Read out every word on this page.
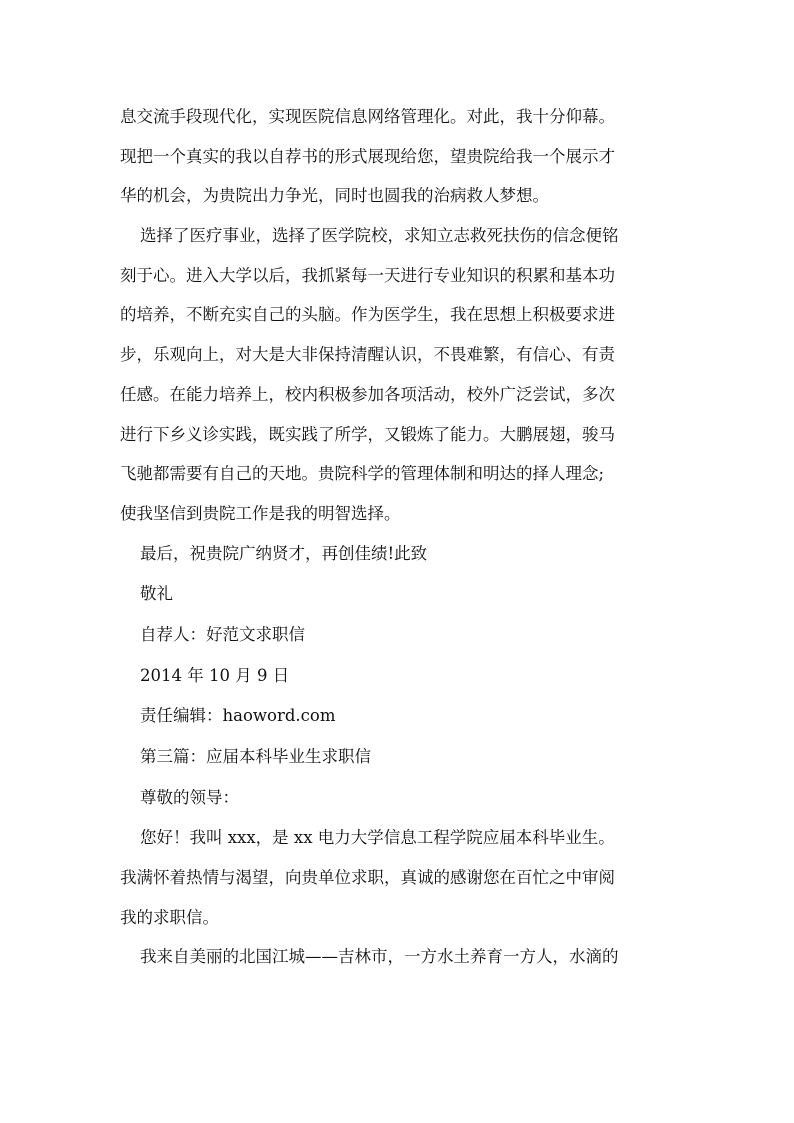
息交流手段现代化，实现医院信息网络管理化。对此，我十分仰幕。
现把一个真实的我以自荐书的形式展现给您，望贵院给我一个展示才
华的机会，为贵院出力争光，同时也圆我的治病救人梦想。
选择了医疗事业，选择了医学院校，求知立志救死扶伤的信念便铭
刻于心。进入大学以后，我抓紧每一天进行专业知识的积累和基本功
的培养，不断充实自己的头脑。作为医学生，我在思想上积极要求进
步，乐观向上，对大是大非保持清醒认识，不畏难繁，有信心、有责
任感。在能力培养上，校内积极参加各项活动，校外广泛尝试，多次
进行下乡义诊实践，既实践了所学，又锻炼了能力。大鹏展翅，骏马
飞驰都需要有自己的天地。贵院科学的管理体制和明达的择人理念;
使我坚信到贵院工作是我的明智选择。
最后，祝贵院广纳贤才，再创佳绩!此致
敬礼
自荐人：好范文求职信
2014 年 10 月 9 日
责任编辑：haoword.com
第三篇：应届本科毕业生求职信
尊敬的领导：
您好！我叫 xxx，是 xx 电力大学信息工程学院应届本科毕业生。
我满怀着热情与渴望，向贵单位求职，真诚的感谢您在百忙之中审阅
我的求职信。
我来自美丽的北国江城——吉林市，一方水土养育一方人，水滴的
